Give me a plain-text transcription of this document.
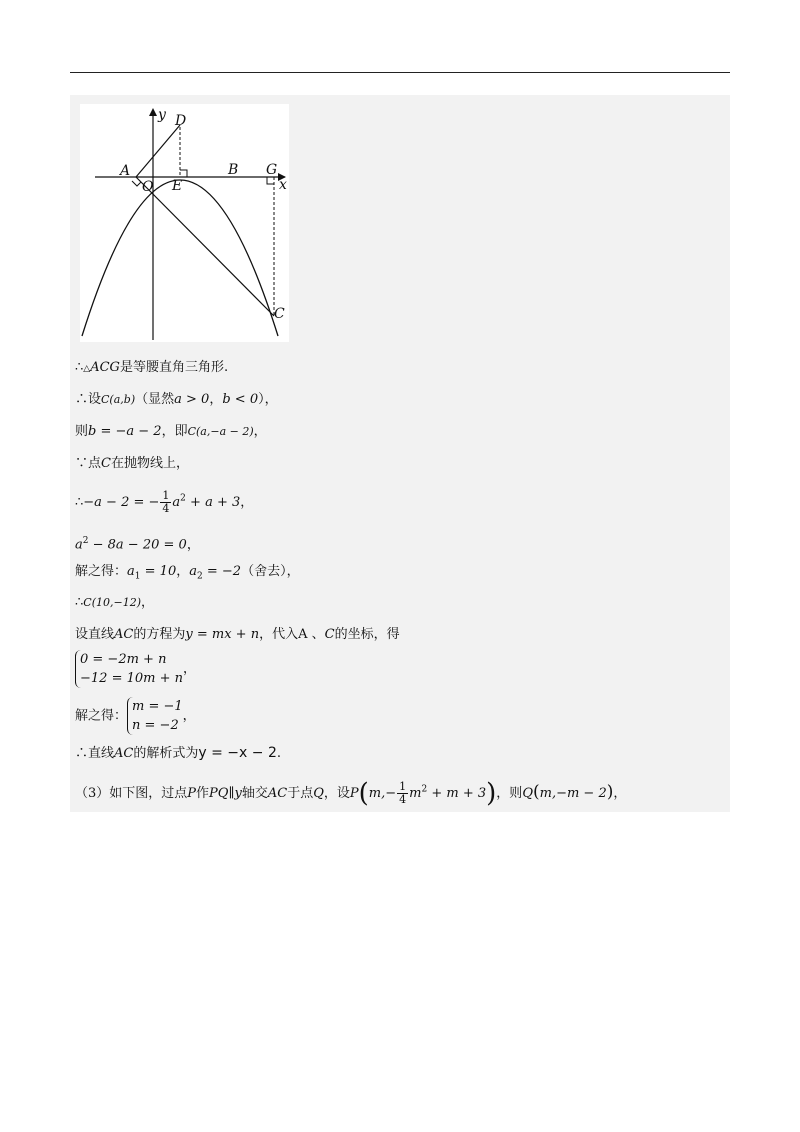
y
x
D
A
O E
B G
C
∴△ACG是等腰直角三角形.
∴设C(a,b)（显然a > 0，b < 0），
则b = −a − 2，即C(a,−a − 2)，
∵点C在抛物线上，
∴−a − 2 = − $\frac{1}{4} a^2 + a + 3$，
$a^2 - 8a - 20 = 0$，
解之得：$a_1 = 10$，$a_2 = -2$（舍去），
∴C(10,−12)，
设直线AC的方程为y = mx + n，代入A 、C的坐标，得
0 = −2m + n
−12 = 10m + n
，
解之得：
m = −1
n = −2
，
∴直线AC的解析式为y = −x − 2.
（3）如下图，过点P作PQ∥y轴交AC于点Q，设$P(m,- \frac{1}{4} m^2 + m + 3)$，则Q(m,−m − 2)，
